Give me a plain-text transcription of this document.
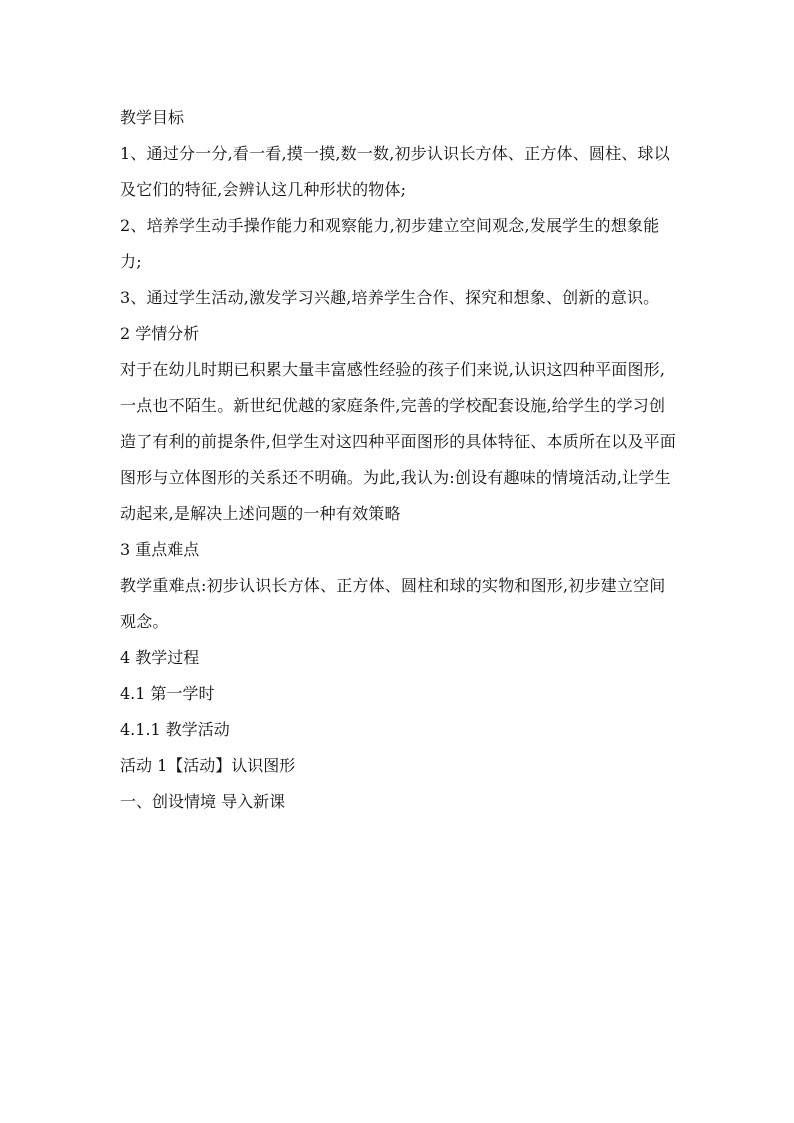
教学目标

1、通过分一分,看一看,摸一摸,数一数,初步认识长方体、正方体、圆柱、球以及它们的特征,会辨认这几种形状的物体;

2、培养学生动手操作能力和观察能力,初步建立空间观念,发展学生的想象能力;

3、通过学生活动,激发学习兴趣,培养学生合作、探究和想象、创新的意识。

2 学情分析

对于在幼儿时期已积累大量丰富感性经验的孩子们来说,认识这四种平面图形,一点也不陌生。新世纪优越的家庭条件,完善的学校配套设施,给学生的学习创造了有利的前提条件,但学生对这四种平面图形的具体特征、本质所在以及平面图形与立体图形的关系还不明确。为此,我认为:创设有趣味的情境活动,让学生动起来,是解决上述问题的一种有效策略

3 重点难点

教学重难点:初步认识长方体、正方体、圆柱和球的实物和图形,初步建立空间观念。

4 教学过程

4.1 第一学时

4.1.1 教学活动

活动 1【活动】认识图形

一、创设情境 导入新课
